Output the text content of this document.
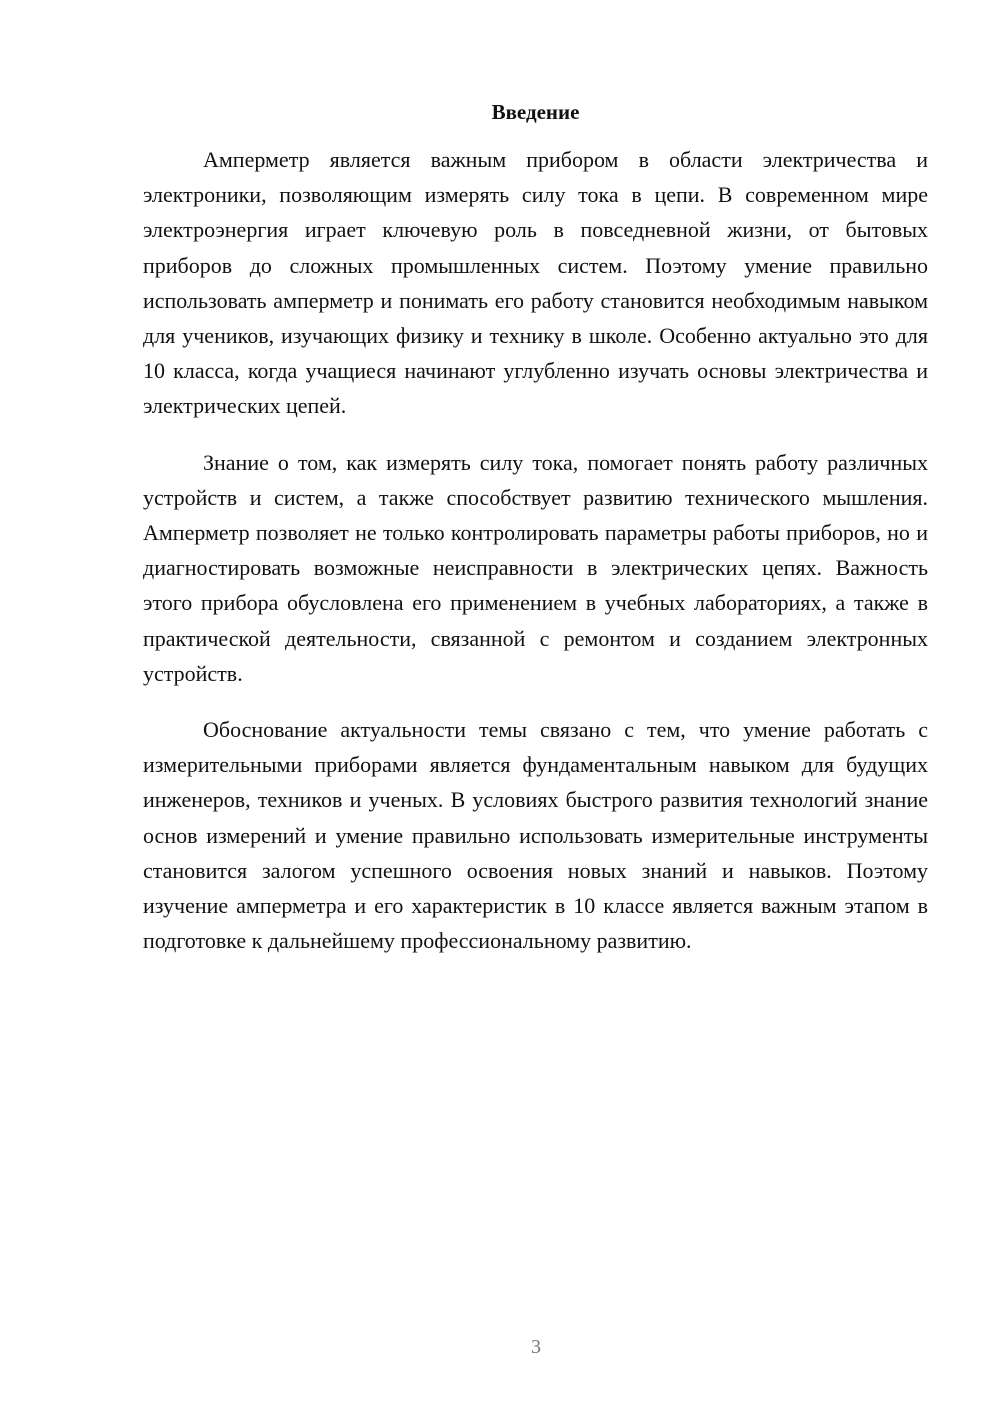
Введение

Амперметр является важным прибором в области электричества и электроники, позволяющим измерять силу тока в цепи. В современном мире электроэнергия играет ключевую роль в повседневной жизни, от бытовых приборов до сложных промышленных систем. Поэтому умение правильно использовать амперметр и понимать его работу становится необходимым навыком для учеников, изучающих физику и технику в школе. Особенно актуально это для 10 класса, когда учащиеся начинают углубленно изучать основы электричества и электрических цепей.

Знание о том, как измерять силу тока, помогает понять работу различных устройств и систем, а также способствует развитию технического мышления. Амперметр позволяет не только контролировать параметры работы приборов, но и диагностировать возможные неисправности в электрических цепях. Важность этого прибора обусловлена его применением в учебных лабораториях, а также в практической деятельности, связанной с ремонтом и созданием электронных устройств.

Обоснование актуальности темы связано с тем, что умение работать с измерительными приборами является фундаментальным навыком для будущих инженеров, техников и ученых. В условиях быстрого развития технологий знание основ измерений и умение правильно использовать измерительные инструменты становится залогом успешного освоения новых знаний и навыков. Поэтому изучение амперметра и его характеристик в 10 классе является важным этапом в подготовке к дальнейшему профессиональному развитию.

3
